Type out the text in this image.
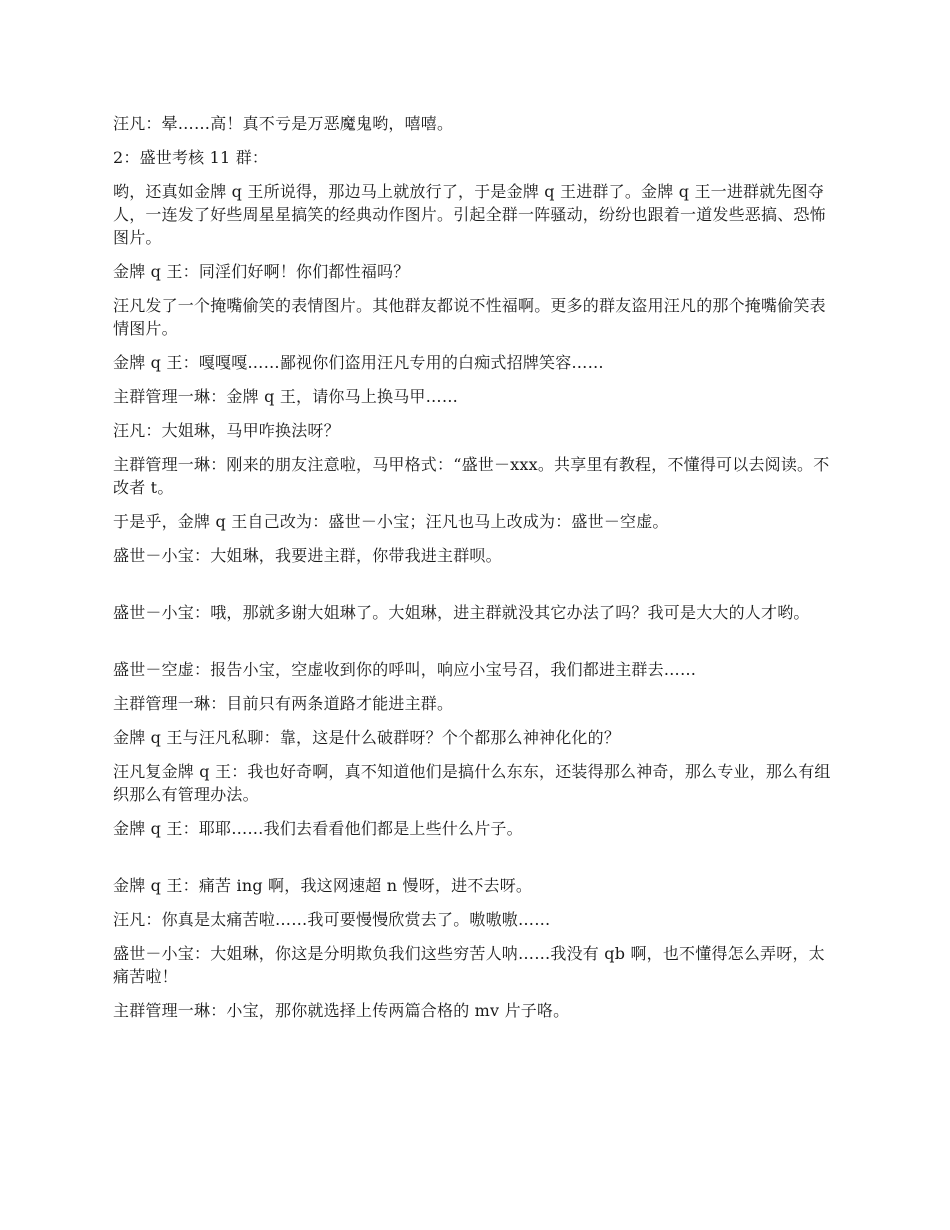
汪凡：晕……高！真不亏是万恶魔鬼哟，嘻嘻。

2：盛世考核 11 群：

哟，还真如金牌 q 王所说得，那边马上就放行了，于是金牌 q 王进群了。金牌 q 王一进群就先图夺人，一连发了好些周星星搞笑的经典动作图片。引起全群一阵骚动，纷纷也跟着一道发些恶搞、恐怖图片。

金牌 q 王：同淫们好啊！你们都性福吗？

汪凡发了一个掩嘴偷笑的表情图片。其他群友都说不性福啊。更多的群友盗用汪凡的那个掩嘴偷笑表情图片。

金牌 q 王：嘎嘎嘎……鄙视你们盗用汪凡专用的白痴式招牌笑容……

主群管理一琳：金牌 q 王，请你马上换马甲……

汪凡：大姐琳，马甲咋换法呀？

主群管理一琳：刚来的朋友注意啦，马甲格式：“盛世－xxx。共享里有教程，不懂得可以去阅读。不改者 t。

于是乎，金牌 q 王自己改为：盛世－小宝；汪凡也马上改成为：盛世－空虚。

盛世－小宝：大姐琳，我要进主群，你带我进主群呗。

盛世－小宝：哦，那就多谢大姐琳了。大姐琳，进主群就没其它办法了吗？我可是大大的人才哟。

盛世－空虚：报告小宝，空虚收到你的呼叫，响应小宝号召，我们都进主群去……

主群管理一琳：目前只有两条道路才能进主群。

金牌 q 王与汪凡私聊：靠，这是什么破群呀？个个都那么神神化化的？

汪凡复金牌 q 王：我也好奇啊，真不知道他们是搞什么东东，还装得那么神奇，那么专业，那么有组织那么有管理办法。

金牌 q 王：耶耶……我们去看看他们都是上些什么片子。

金牌 q 王：痛苦 ing 啊，我这网速超 n 慢呀，进不去呀。

汪凡：你真是太痛苦啦……我可要慢慢欣赏去了。嗷嗷嗷……

盛世－小宝：大姐琳，你这是分明欺负我们这些穷苦人呐……我没有 qb 啊，也不懂得怎么弄呀，太痛苦啦！

主群管理一琳：小宝，那你就选择上传两篇合格的 mv 片子咯。
